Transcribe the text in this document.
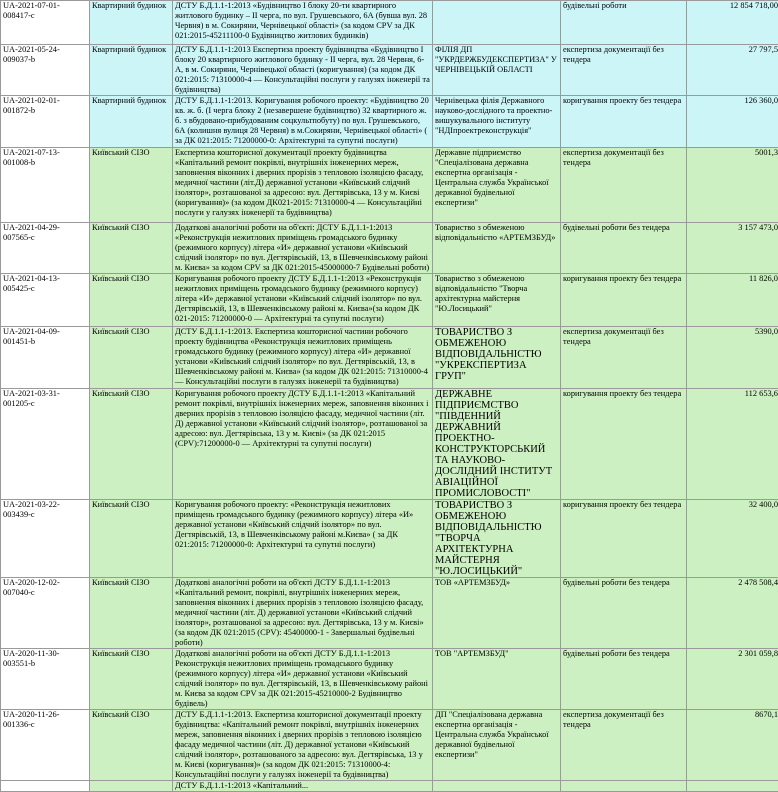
UA-2021-07-01-008417-c	Квартирний будинок	ДСТУ Б.Д.1.1-1:2013 «Будівництво І блоку 20-ти квартирного житлового будинку – ІІ черга, по вул. Грушевського, 6А (бувша вул. 28 Червня) в м. Сокиряни, Чернівецької області» (за кодом CPV за ДК 021:2015-45211100-0 Будівництво житлових будинків)		будівельні роботи	12 854 718,00
UA-2021-05-24-009037-b	Квартирний будинок	ДСТУ Б.Д.1.1-1:2013 Експертиза проекту будівництва «Будівництво І блоку 20 квартирного житлового будинку - ІІ черга, вул. 28 Червня, 6-А, в м. Сокиряни, Чернівецької області (коригування) (за кодом ДК 021:2015: 71310000-4 — Консультаційні послуги у галузях інженерії та будівництва)	ФІЛІЯ ДП "УКРДЕРЖБУДЕКСПЕРТИЗА" У ЧЕРНІВЕЦЬКІЙ ОБЛАСТІ	експертиза документації без тендера	27 797,5
UA-2021-02-01-001872-b	Квартирний будинок	ДСТУ Б.Д.1.1-1:2013. Коригування робочого проекту: «Будівництво 20 кв. ж. б. (І черга блоку 2 (незавершене будівництво) 32 квартирного ж. б. з вбудовано-прибудованим соцкультпобуту) по вул. Грушевського, 6А (колишня вулиця 28 Червня) в м.Сокиряни, Чернівецької області» ( за ДК 021:2015: 71200000-0: Архітектурні та супутні послуги)	Чернівецька філія Державного науково-дослідного та проектно-вишукувального інституту "НДІпроектреконструкція"	коригування проекту без тендера	126 360,0
UA-2021-07-13-001008-b	Київський СІЗО	Експертиза кошторисної документації проекту будівництва «Капітальний ремонт покрівлі, внутрішніх інженерних мереж, заповнення віконних і дверних прорізів з тепловою ізоляцією фасаду, медичної частини (літ.Д) державної установи «Київський слідчий ізолятор», розташованої за адресою: вул. Дегтярівська, 13 у м. Києві (коригування)» (за кодом ДК021-2015: 71310000-4 — Консультаційні послуги у галузях інженерії та будівництва)	Державне підприємство "Спеціалізована державна експертна організація - Центральна служба Української державної будівельної експертизи"	експертиза документації без тендера	5001,3
UA-2021-04-29-007565-c	Київський СІЗО	Додаткові аналогічні роботи на об'єкті: ДСТУ Б.Д.1.1-1:2013 «Реконструкція нежитлових приміщень громадського будинку (режимного корпусу) літера «И» державної установи «Київський слідчий ізолятор» по вул. Дегтярівській, 13, в Шевченківському районі м. Києва» за кодом CPV за ДК 021:2015-45000000-7 Будівельні роботи)	Товариство з обмеженою відповідальністю «АРТЕМЗБУД»	будівельні роботи без тендера	3 157 473,0
UA-2021-04-13-005425-c	Київський СІЗО	Коригування робочого проекту ДСТУ Б.Д.1.1-1:2013 «Реконструкція нежитлових приміщень громадського будинку (режимного корпусу) літера «И» державної установи «Київський слідчий ізолятор» по вул. Дегтярівській, 13, в Шевченківському районі м. Києва»(за кодом ДК 021-2015: 71200000-0 — Архітектурні та супутні послуги)	Товариство з обмеженою відповідальністю "Творча архітектурна майстерня "Ю.Лосицький"	коригування проекту без тендера	11 826,0
UA-2021-04-09-001451-b	Київський СІЗО	ДСТУ Б.Д.1.1-1:2013. Експертиза кошторисної частини робочого проекту будівництва «Реконструкція нежитлових приміщень громадського будинку (режимного корпусу) літера «И» державної установи «Київський слідчий ізолятор» по вул. Дегтярівській, 13, в Шевченківському районі м. Києва» (за кодом ДК 021:2015: 71310000-4 — Консультаційні послуги в галузях інженерії та будівництва)	ТОВАРИСТВО З ОБМЕЖЕНОЮ ВІДПОВІДАЛЬНІСТЮ "УКРЕКСПЕРТИЗА ГРУП"	експертиза документації без тендера	5390,0
UA-2021-03-31-001205-c	Київський СІЗО	Коригування робочого проекту ДСТУ Б.Д.1.1-1:2013 «Капітальний ремонт покрівлі, внутрішніх інженерних мереж, заповнення віконних і дверних прорізів з тепловою ізоляцією фасаду, медичної частини (літ. Д) державної установи «Київський слідчий ізолятор», розташованої за адресою: вул. Дегтярівська, 13 у м. Києві» (за ДК 021:2015 (CPV):71200000-0 — Архітектурні та супутні послуги)	ДЕРЖАВНЕ ПІДПРИЄМСТВО "ПІВДЕННИЙ ДЕРЖАВНИЙ ПРОЕКТНО-КОНСТРУКТОРСЬКИЙ ТА НАУКОВО-ДОСЛІДНИЙ ІНСТИТУТ АВІАЦІЙНОЇ ПРОМИСЛОВОСТІ"	коригування проекту без тендера	112 653,6
UA-2021-03-22-003439-c	Київський СІЗО	Коригування робочого проекту: «Реконструкція нежитлових приміщень громадського будинку (режимного корпусу) літера «И» державної установи «Київський слідчий ізолятор» по вул. Дегтярівській, 13, в Шевченківському районі м.Києва» ( за ДК 021:2015: 71200000-0: Архітектурні та супутні послуги)	ТОВАРИСТВО З ОБМЕЖЕНОЮ ВІДПОВІДАЛЬНІСТЮ "ТВОРЧА АРХІТЕКТУРНА МАЙСТЕРНЯ "Ю.ЛОСИЦЬКИЙ"	коригування проекту без тендера	32 400,0
UA-2020-12-02-007040-c	Київський СІЗО	Додаткові аналогічні роботи на об'єкті ДСТУ Б.Д.1.1-1:2013 «Капітальний ремонт, покрівлі, внутрішніх інженерних мереж, заповнення віконних і дверних прорізів з тепловою ізоляцією фасаду, медичної частини (літ. Д) державної установи «Київський слідчий ізолятор», розташованої за адресою: вул. Дегтярівська, 13 у м. Києві» (за кодом ДК 021:2015 (CPV): 45400000-1 - Завершальні будівельні роботи)	ТОВ «АРТЕМЗБУД»	будівельні роботи без тендера	2 478 508,4
UA-2020-11-30-003551-b	Київський СІЗО	Додаткові аналогічні роботи на об'єкті ДСТУ Б.Д.1.1-1:2013 Реконструкція нежитлових приміщень громадського будинку (режимного корпусу) літера «И» державної установи «Київський слідчий ізолятор» по вул. Дегтярівській, 13, в Шевченківському районі м. Києва за кодом CPV за ДК 021:2015-45210000-2 Будівництво будівель)	ТОВ "АРТЕМЗБУД"	будівельні роботи без тендера	2 301 059,8
UA-2020-11-26-001336-c	Київський СІЗО	ДСТУ Б.Д.1.1-1:2013. Експертиза кошторисної документації проекту будівництва: «Капітальний ремонт покрівлі, внутрішніх інженерних мереж, заповнення віконних і дверних прорізів з тепловою ізоляцією фасаду медичної частини (літ. Д) державної установи «Київський слідчий ізолятор», розташованого за адресою: вул. Дегтярівська, 13 у м. Києві (коригування)» (за кодом ДК 021:2015: 71310000-4: Консультаційні послуги у галузях інженерії та будівництва)	ДП "Спеціалізована державна експертна організація - Центральна служба Української державної будівельної експертизи"	експертиза документації без тендера	8670,1
		ДСТУ Б.Д.1.1-1:2013 «Капітальний...			
